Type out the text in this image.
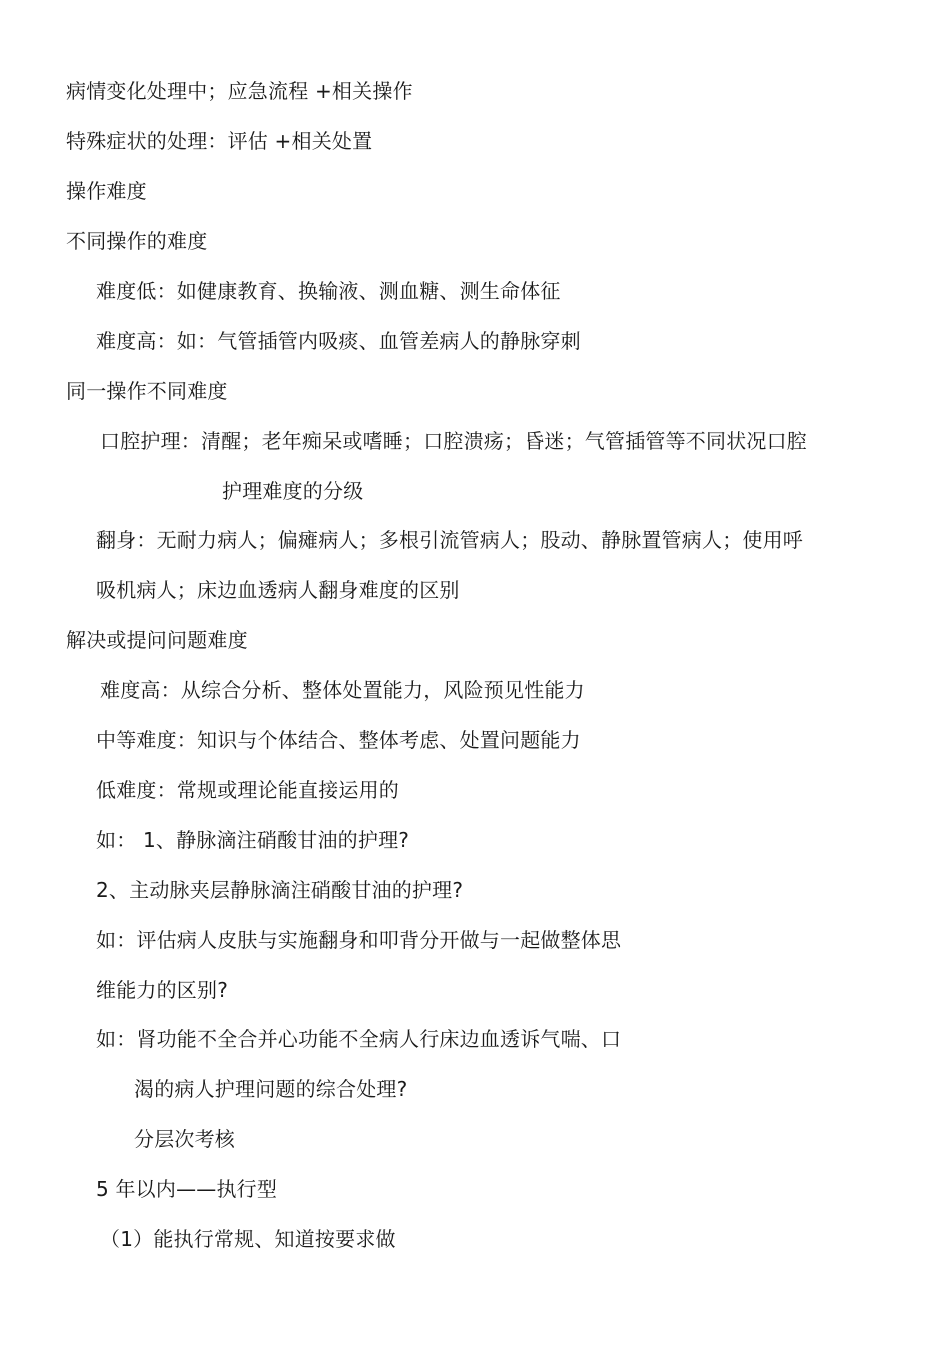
病情变化处理中；应急流程 +相关操作
特殊症状的处理：评估 +相关处置
操作难度
不同操作的难度
难度低：如健康教育、换输液、测血糖、测生命体征
难度高：如：气管插管内吸痰、血管差病人的静脉穿刺
同一操作不同难度
口腔护理：清醒；老年痴呆或嗜睡；口腔溃疡；昏迷；气管插管等不同状况口腔
护理难度的分级
翻身：无耐力病人；偏瘫病人；多根引流管病人；股动、静脉置管病人；使用呼
吸机病人；床边血透病人翻身难度的区别
解决或提问问题难度
难度高：从综合分析、整体处置能力，风险预见性能力
中等难度：知识与个体结合、整体考虑、处置问题能力
低难度：常规或理论能直接运用的
如： 1、静脉滴注硝酸甘油的护理?
2、主动脉夹层静脉滴注硝酸甘油的护理?
如：评估病人皮肤与实施翻身和叩背分开做与一起做整体思
维能力的区别?
如：肾功能不全合并心功能不全病人行床边血透诉气喘、口
渴的病人护理问题的综合处理?
分层次考核
5 年以内——执行型
（1）能执行常规、知道按要求做
